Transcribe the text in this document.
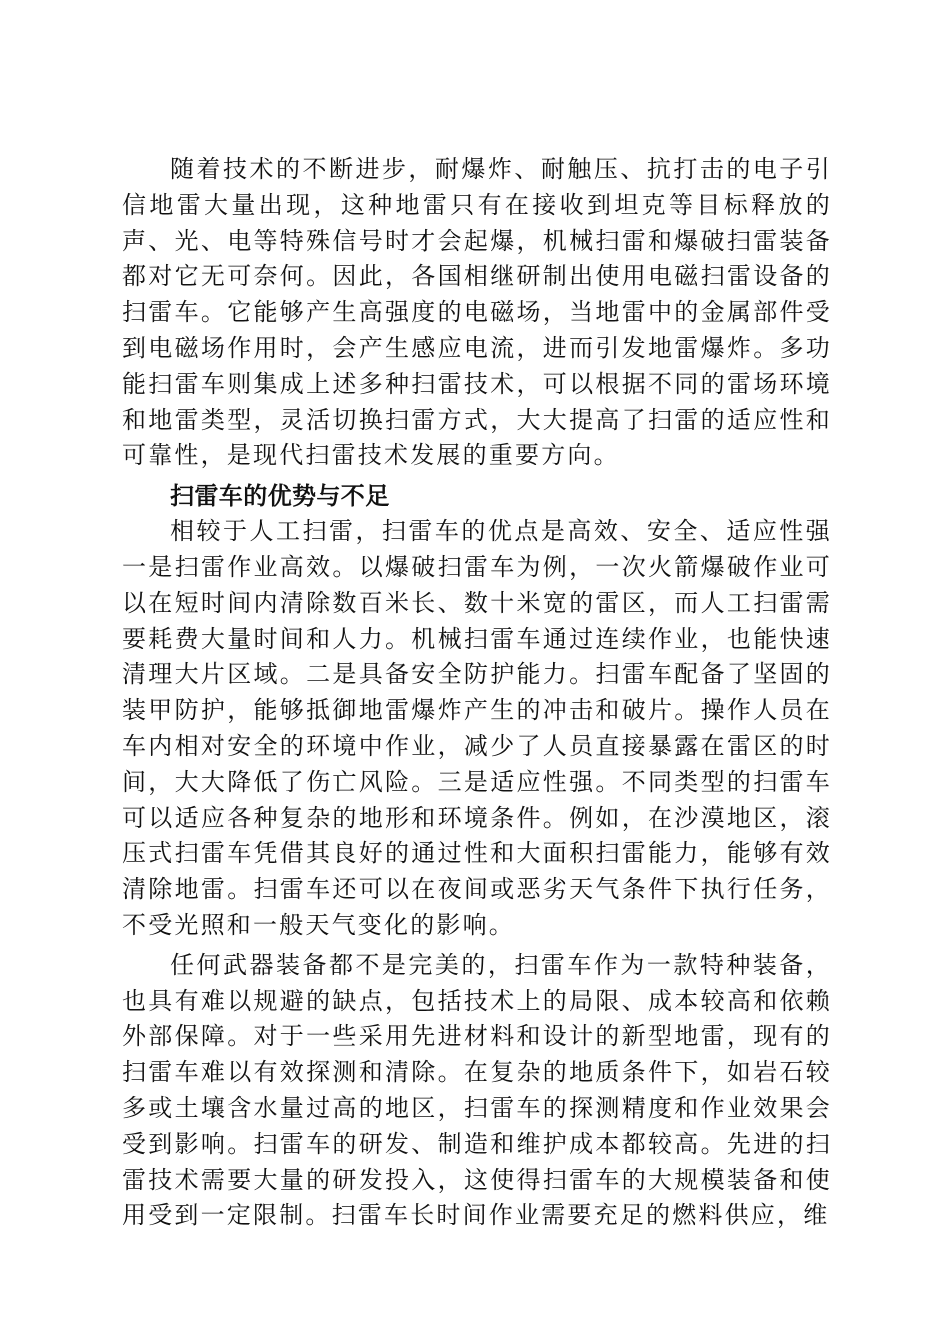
随着技术的不断进步，耐爆炸、耐触压、抗打击的电子引信地雷大量出现，这种地雷只有在接收到坦克等目标释放的声、光、电等特殊信号时才会起爆，机械扫雷和爆破扫雷装备都对它无可奈何。因此，各国相继研制出使用电磁扫雷设备的扫雷车。它能够产生高强度的电磁场，当地雷中的金属部件受到电磁场作用时，会产生感应电流，进而引发地雷爆炸。多功能扫雷车则集成上述多种扫雷技术，可以根据不同的雷场环境和地雷类型，灵活切换扫雷方式，大大提高了扫雷的适应性和可靠性，是现代扫雷技术发展的重要方向。

扫雷车的优势与不足

相较于人工扫雷，扫雷车的优点是高效、安全、适应性强一是扫雷作业高效。以爆破扫雷车为例，一次火箭爆破作业可以在短时间内清除数百米长、数十米宽的雷区，而人工扫雷需要耗费大量时间和人力。机械扫雷车通过连续作业，也能快速清理大片区域。二是具备安全防护能力。扫雷车配备了坚固的装甲防护，能够抵御地雷爆炸产生的冲击和破片。操作人员在车内相对安全的环境中作业，减少了人员直接暴露在雷区的时间，大大降低了伤亡风险。三是适应性强。不同类型的扫雷车可以适应各种复杂的地形和环境条件。例如，在沙漠地区，滚压式扫雷车凭借其良好的通过性和大面积扫雷能力，能够有效清除地雷。扫雷车还可以在夜间或恶劣天气条件下执行任务，不受光照和一般天气变化的影响。

任何武器装备都不是完美的，扫雷车作为一款特种装备，也具有难以规避的缺点，包括技术上的局限、成本较高和依赖外部保障。对于一些采用先进材料和设计的新型地雷，现有的扫雷车难以有效探测和清除。在复杂的地质条件下，如岩石较多或土壤含水量过高的地区，扫雷车的探测精度和作业效果会受到影响。扫雷车的研发、制造和维护成本都较高。先进的扫雷技术需要大量的研发投入，这使得扫雷车的大规模装备和使用受到一定限制。扫雷车长时间作业需要充足的燃料供应，维
